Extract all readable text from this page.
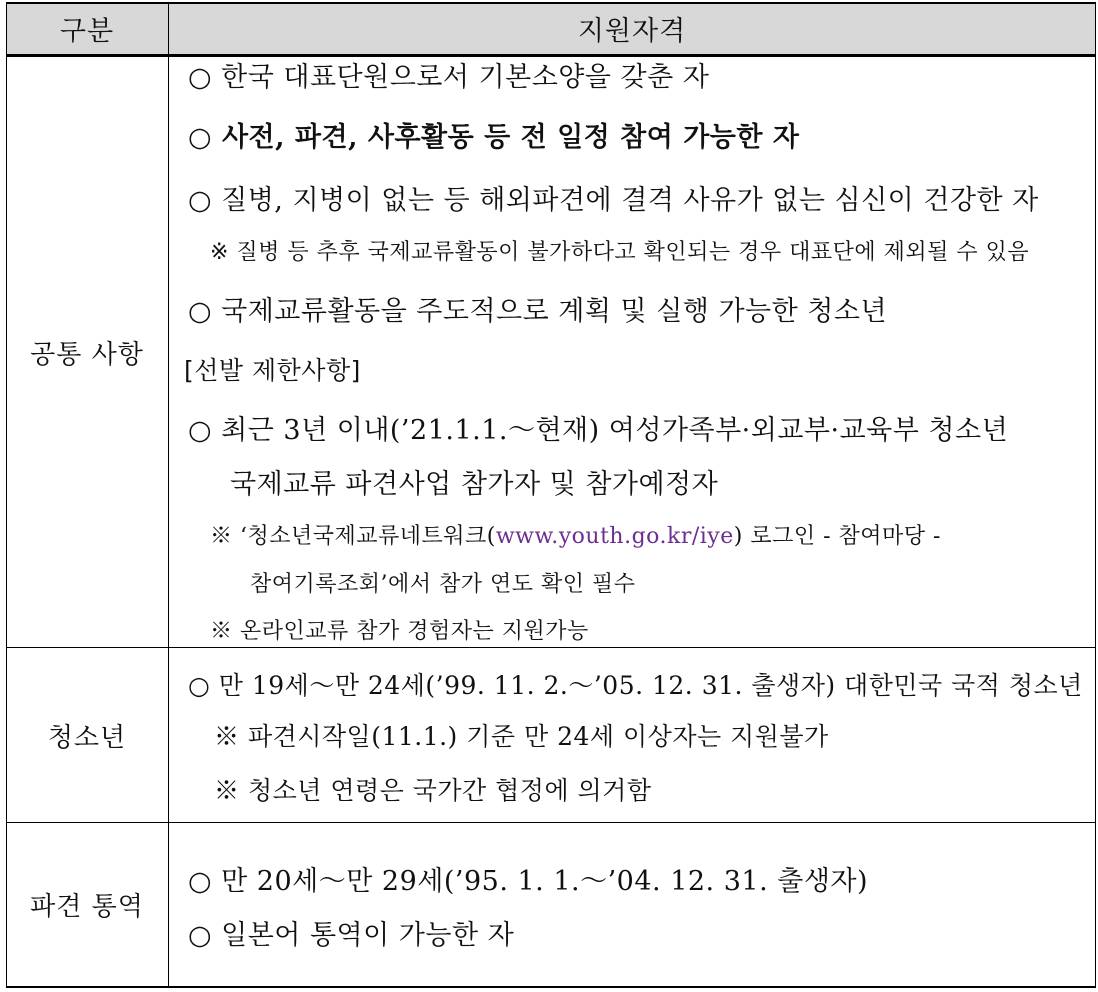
구분	지원자격
공통 사항
청소년
파견 통역
○ 한국 대표단원으로서 기본소양을 갖춘 자
○ 사전, 파견, 사후활동 등 전 일정 참여 가능한 자
○ 질병, 지병이 없는 등 해외파견에 결격 사유가 없는 심신이 건강한 자
※ 질병 등 추후 국제교류활동이 불가하다고 확인되는 경우 대표단에 제외될 수 있음
○ 국제교류활동을 주도적으로 계획 및 실행 가능한 청소년
[선발 제한사항]
○ 최근 3년 이내(’21.1.1.～현재) 여성가족부·외교부·교육부 청소년
국제교류 파견사업 참가자 및 참가예정자
※ ‘청소년국제교류네트워크(www.youth.go.kr/iye) 로그인 - 참여마당 -
참여기록조회’에서 참가 연도 확인 필수
※ 온라인교류 참가 경험자는 지원가능
○ 만 19세～만 24세(’99. 11. 2.～’05. 12. 31. 출생자) 대한민국 국적 청소년
※ 파견시작일(11.1.) 기준 만 24세 이상자는 지원불가
※ 청소년 연령은 국가간 협정에 의거함
○ 만 20세～만 29세(’95. 1. 1.～’04. 12. 31. 출생자)
○ 일본어 통역이 가능한 자
